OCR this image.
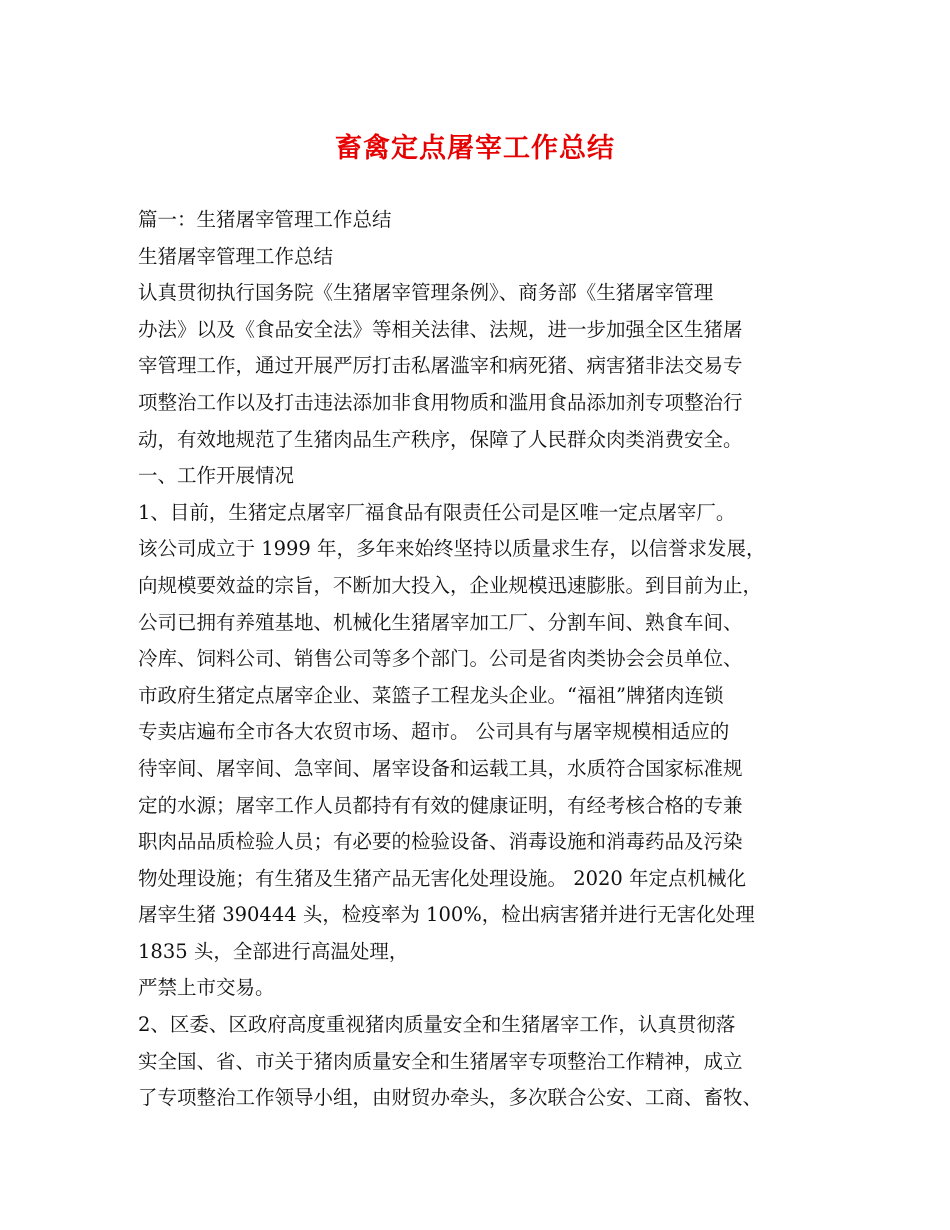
畜禽定点屠宰工作总结
篇一：生猪屠宰管理工作总结
生猪屠宰管理工作总结
认真贯彻执行国务院《生猪屠宰管理条例》、商务部《生猪屠宰管理
办法》以及《食品安全法》等相关法律、法规，进一步加强全区生猪屠
宰管理工作，通过开展严厉打击私屠滥宰和病死猪、病害猪非法交易专
项整治工作以及打击违法添加非食用物质和滥用食品添加剂专项整治行
动，有效地规范了生猪肉品生产秩序，保障了人民群众肉类消费安全。
一、工作开展情况
1、目前，生猪定点屠宰厂福食品有限责任公司是区唯一定点屠宰厂。
该公司成立于 1999 年，多年来始终坚持以质量求生存，以信誉求发展，
向规模要效益的宗旨，不断加大投入，企业规模迅速膨胀。到目前为止，
公司已拥有养殖基地、机械化生猪屠宰加工厂、分割车间、熟食车间、
冷库、饲料公司、销售公司等多个部门。公司是省肉类协会会员单位、
市政府生猪定点屠宰企业、菜篮子工程龙头企业。“福祖”牌猪肉连锁
专卖店遍布全市各大农贸市场、超市。 公司具有与屠宰规模相适应的
待宰间、屠宰间、急宰间、屠宰设备和运载工具，水质符合国家标准规
定的水源；屠宰工作人员都持有有效的健康证明，有经考核合格的专兼
职肉品品质检验人员；有必要的检验设备、消毒设施和消毒药品及污染
物处理设施；有生猪及生猪产品无害化处理设施。 2020 年定点机械化
屠宰生猪 390444 头，检疫率为 100%，检出病害猪并进行无害化处理
1835 头，全部进行高温处理，
严禁上市交易。
2、区委、区政府高度重视猪肉质量安全和生猪屠宰工作，认真贯彻落
实全国、省、市关于猪肉质量安全和生猪屠宰专项整治工作精神，成立
了专项整治工作领导小组，由财贸办牵头，多次联合公安、工商、畜牧、
